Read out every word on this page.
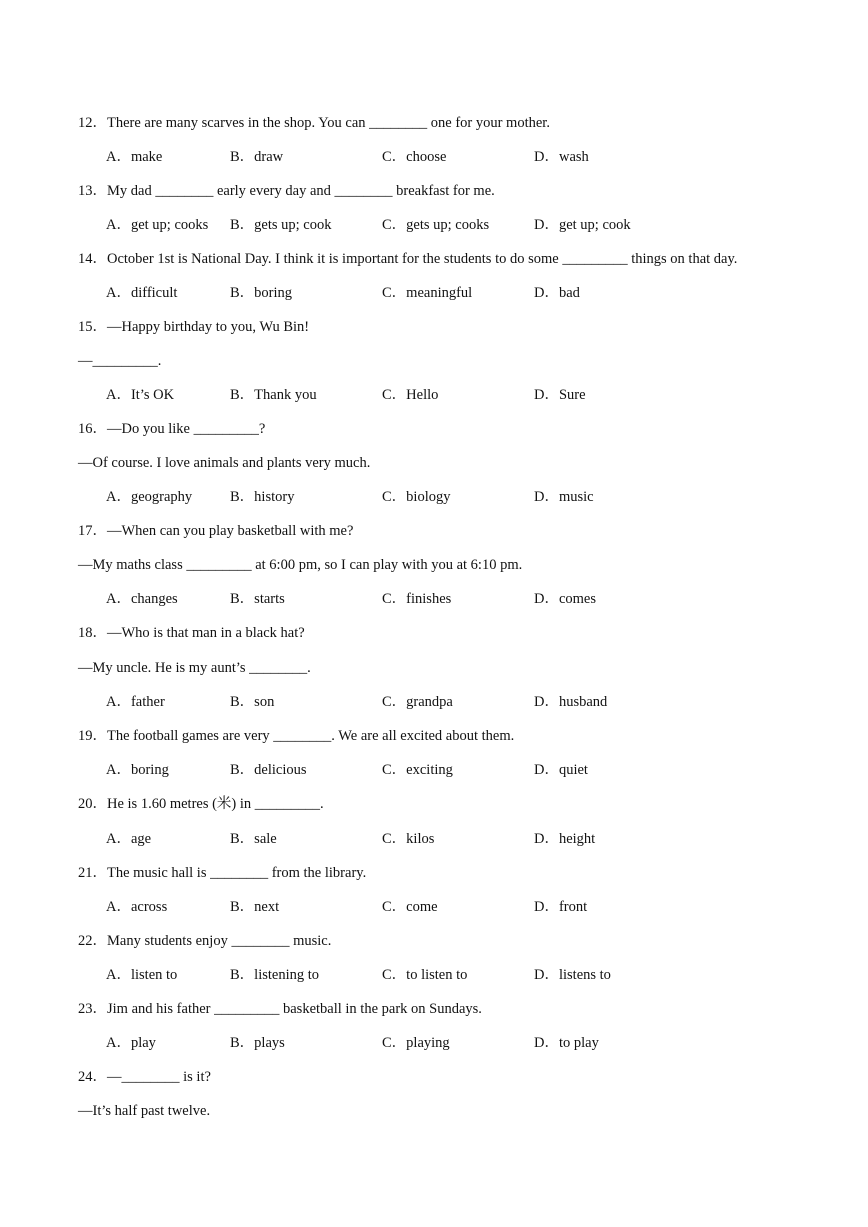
12．There are many scarves in the shop. You can ________ one for your mother.
A．make	B．draw	C．choose	D．wash
13．My dad ________ early every day and ________ breakfast for me.
A．get up; cooks B．gets up; cook	C．gets up; cooks	D．get up; cook
14．October 1st is National Day. I think it is important for the students to do some _________ things on that day.
A．difficult	B．boring	C．meaningful	D．bad
15．—Happy birthday to you, Wu Bin!
—_________.
A．It’s OK	B．Thank you	C．Hello	D．Sure
16．—Do you like _________?
—Of course. I love animals and plants very much.
A．geography	B．history	C．biology	D．music
17．—When can you play basketball with me?
—My maths class _________ at 6:00 pm, so I can play with you at 6:10 pm.
A．changes	B．starts	C．finishes	D．comes
18．—Who is that man in a black hat?
—My uncle. He is my aunt’s ________.
A．father	B．son	C．grandpa	D．husband
19．The football games are very ________. We are all excited about them.
A．boring	B．delicious	C．exciting	D．quiet
20．He is 1.60 metres (米) in _________.
A．age	B．sale	C．kilos	D．height
21．The music hall is ________ from the library.
A．across	B．next	C．come	D．front
22．Many students enjoy ________ music.
A．listen to	B．listening to	C．to listen to	D．listens to
23．Jim and his father _________ basketball in the park on Sundays.
A．play	B．plays	C．playing	D．to play
24．—________ is it?
—It’s half past twelve.
